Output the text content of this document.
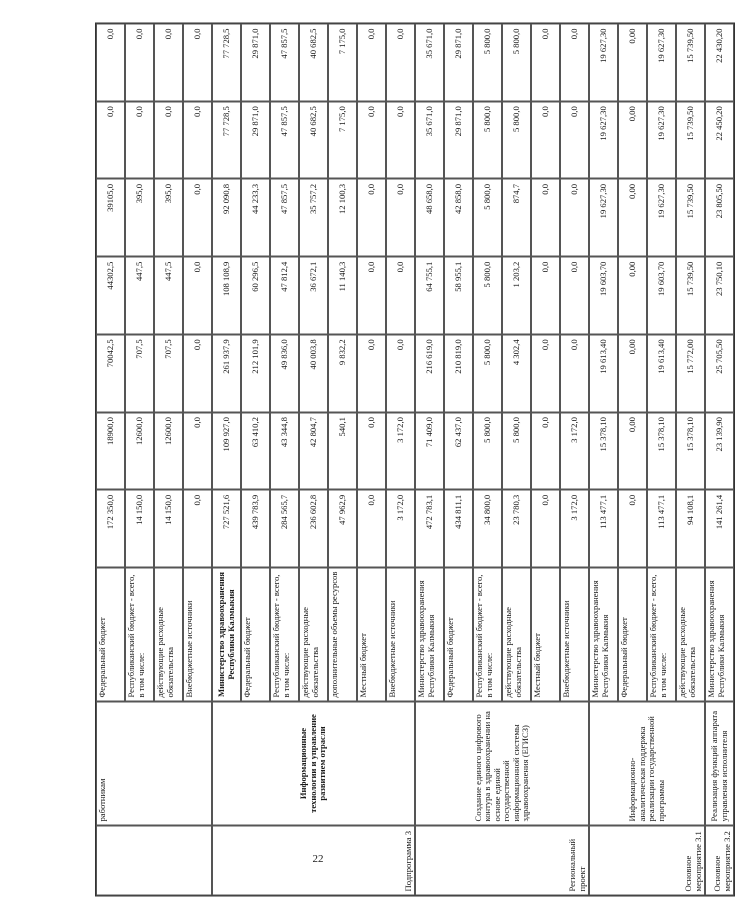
работникам
Федеральный бюджет
172 350,0
18900,0
70042,5
44302,5
39105,0
0,0
0,0
Республиканский бюджет - всего, в том числе:
14 150,0
12600,0
707,5
447,5
395,0
0,0
0,0
действующие расходные обязательства
14 150,0
12600,0
707,5
447,5
395,0
0,0
0,0
Внебюджетные источники
0,0
0,0
0,0
0,0
0,0
0,0
0,0
Подпрограмма 3
Информационные технологии и управление развитием отрасли
Министерство здравоохранения Республики Калмыкия
727 521,6
109 927,0
261 937,9
108 108,9
92 090,8
77 728,5
77 728,5
Федеральный бюджет
439 783,9
63 410,2
212 101,9
60 296,5
44 233,3
29 871,0
29 871,0
Республиканский бюджет - всего, в том числе:
284 565,7
43 344,8
49 836,0
47 812,4
47 857,5
47 857,5
47 857,5
действующие расходные обязательства
236 602,8
42 804,7
40 003,8
36 672,1
35 757,2
40 682,5
40 682,5
дополнительные объемы ресурсов
47 962,9
540,1
9 832,2
11 140,3
12 100,3
7 175,0
7 175,0
Местный бюджет
0,0
0,0
0,0
0,0
0,0
0,0
0,0
Внебюджетные источники
3 172,0
3 172,0
0,0
0,0
0,0
0,0
0,0
Региональный проект
Создание единого цифрового контура в здравоохранении на основе единой государственной информационной системы здравоохранения (ЕГИСЗ)
Министерство здравоохранения Республики Калмыкия
472 783,1
71 409,0
216 619,0
64 755,1
48 658,0
35 671,0
35 671,0
Федеральный бюджет
434 811,1
62 437,0
210 819,0
58 955,1
42 858,0
29 871,0
29 871,0
Республиканский бюджет - всего, в том числе:
34 800,0
5 800,0
5 800,0
5 800,0
5 800,0
5 800,0
5 800,0
действующие расходные обязательства
23 780,3
5 800,0
4 302,4
1 203,2
874,7
5 800,0
5 800,0
Местный бюджет
0,0
0,0
0,0
0,0
0,0
0,0
0,0
Внебюджетные источники
3 172,0
3 172,0
0,0
0,0
0,0
0,0
0,0
Основное мероприятие 3.1
Информационно-аналитическая поддержка реализации государственной программы
Министерство здравоохранения Республики Калмыкия
113 477,1
15 378,10
19 613,40
19 603,70
19 627,30
19 627,30
19 627,30
Федеральный бюджет
0,0
0,00
0,00
0,00
0,00
0,00
0,00
Республиканский бюджет - всего, в том числе:
113 477,1
15 378,10
19 613,40
19 603,70
19 627,30
19 627,30
19 627,30
действующие расходные обязательства
94 108,1
15 378,10
15 772,00
15 739,50
15 739,50
15 739,50
15 739,50
Основное мероприятие 3.2
Реализация функций аппарата управления исполнителя
Министерство здравоохранения Республики Калмыкия
141 261,4
23 139,90
25 705,50
23 750,10
23 805,50
22 450,20
22 430,20
22
